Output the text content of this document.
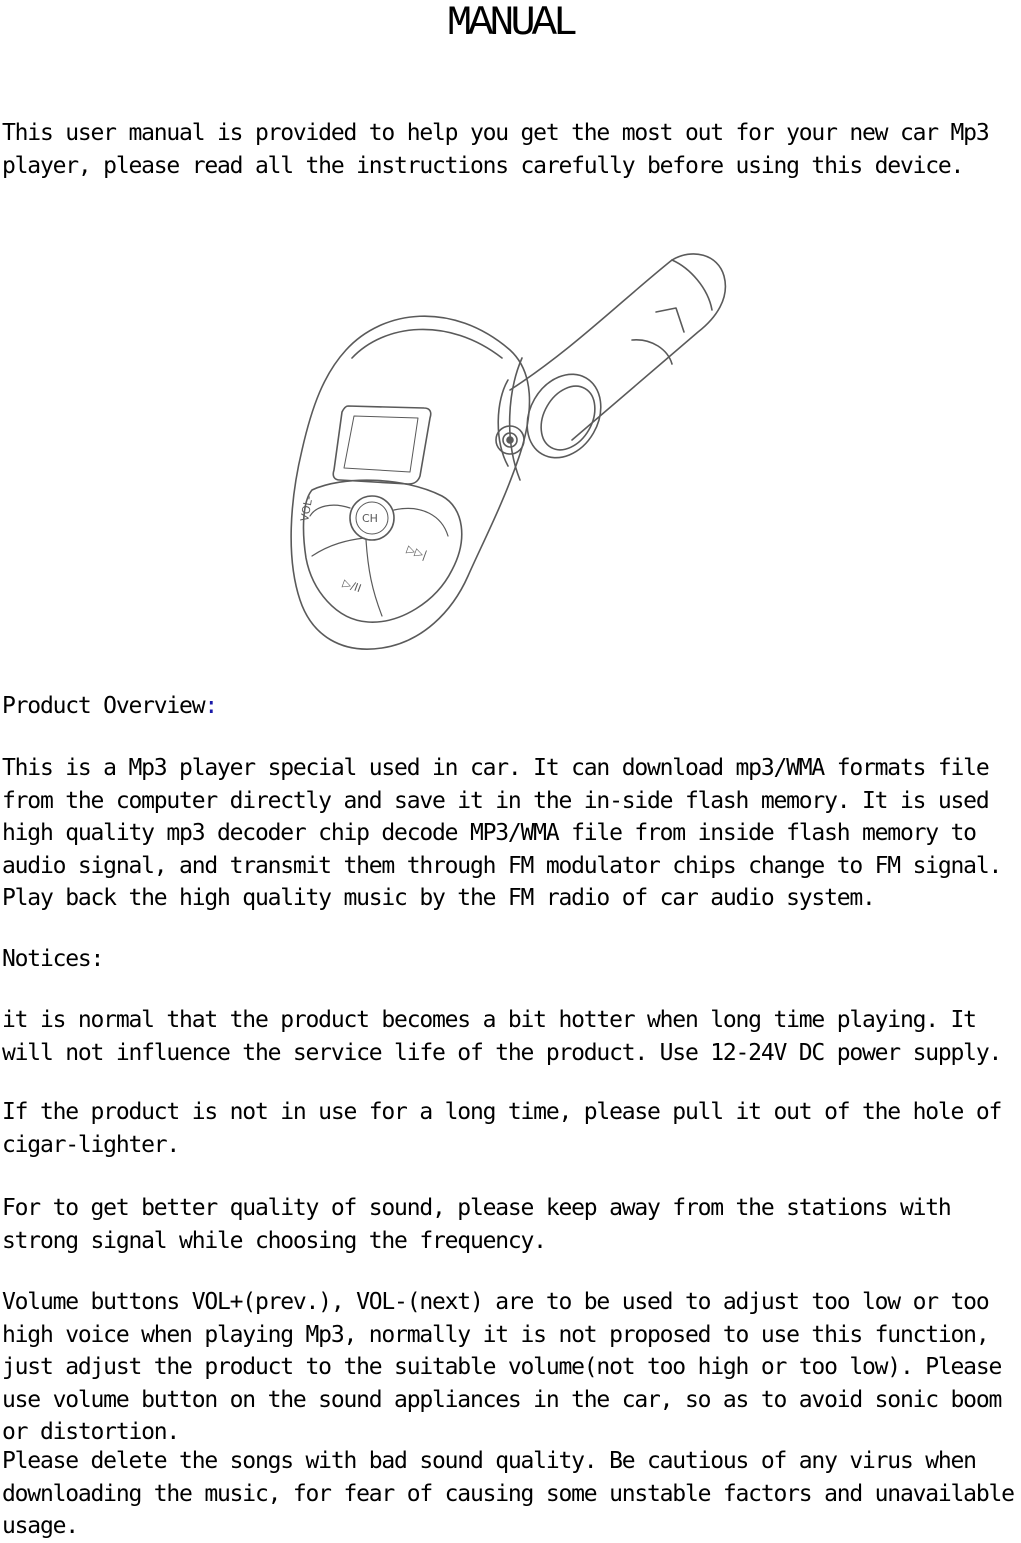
MANUAL

This user manual is provided to help you get the most out for your new car Mp3 player, please read all the instructions carefully before using this device.

VOL-	CH
▷▷|
▷/II

Product Overview:

This is a Mp3 player special used in car. It can download mp3/WMA formats file from the computer directly and save it in the in-side flash memory. It is used high quality mp3 decoder chip decode MP3/WMA file from inside flash memory to audio signal, and transmit them through FM modulator chips change to FM signal. Play back the high quality music by the FM radio of car audio system.

Notices:

it is normal that the product becomes a bit hotter when long time playing. It will not influence the service life of the product. Use 12-24V DC power supply.

If the product is not in use for a long time, please pull it out of the hole of cigar-lighter.

For to get better quality of sound, please keep away from the stations with strong signal while choosing the frequency.

Volume buttons VOL+(prev.), VOL-(next) are to be used to adjust too low or too high voice when playing Mp3, normally it is not proposed to use this function, just adjust the product to the suitable volume(not too high or too low). Please use volume button on the sound appliances in the car, so as to avoid sonic boom or distortion.

Please delete the songs with bad sound quality. Be cautious of any virus when downloading the music, for fear of causing some unstable factors and unavailable usage.
